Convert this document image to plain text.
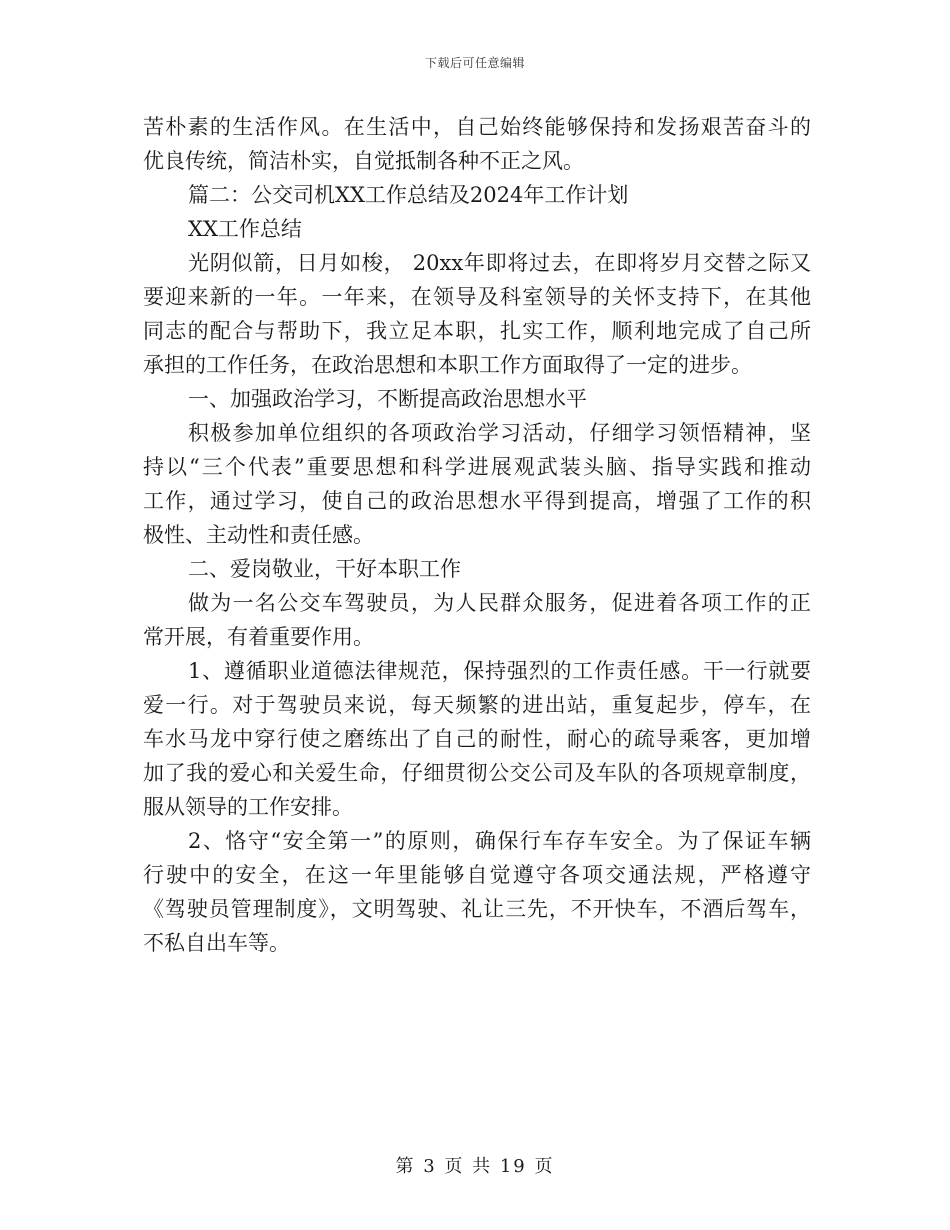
下载后可任意编辑
苦朴素的生活作风。在生活中，自己始终能够保持和发扬艰苦奋斗的
优良传统，简洁朴实，自觉抵制各种不正之风。
篇二：公交司机XX工作总结及2024年工作计划
XX工作总结
光阴似箭，日月如梭， 20xx年即将过去，在即将岁月交替之际又
要迎来新的一年。一年来，在领导及科室领导的关怀支持下，在其他
同志的配合与帮助下，我立足本职，扎实工作，顺利地完成了自己所
承担的工作任务，在政治思想和本职工作方面取得了一定的进步。
一、加强政治学习，不断提高政治思想水平
积极参加单位组织的各项政治学习活动，仔细学习领悟精神，坚
持以“三个代表”重要思想和科学进展观武装头脑、指导实践和推动
工作，通过学习，使自己的政治思想水平得到提高，增强了工作的积
极性、主动性和责任感。
二、爱岗敬业，干好本职工作
做为一名公交车驾驶员，为人民群众服务，促进着各项工作的正
常开展，有着重要作用。
1、遵循职业道德法律规范，保持强烈的工作责任感。干一行就要
爱一行。对于驾驶员来说，每天频繁的进出站，重复起步，停车，在
车水马龙中穿行使之磨练出了自己的耐性，耐心的疏导乘客，更加增
加了我的爱心和关爱生命，仔细贯彻公交公司及车队的各项规章制度，
服从领导的工作安排。
2、恪守“安全第一”的原则，确保行车存车安全。为了保证车辆
行驶中的安全，在这一年里能够自觉遵守各项交通法规，严格遵守
《驾驶员管理制度》，文明驾驶、礼让三先，不开快车，不酒后驾车，
不私自出车等。
第 3 页 共 19 页
